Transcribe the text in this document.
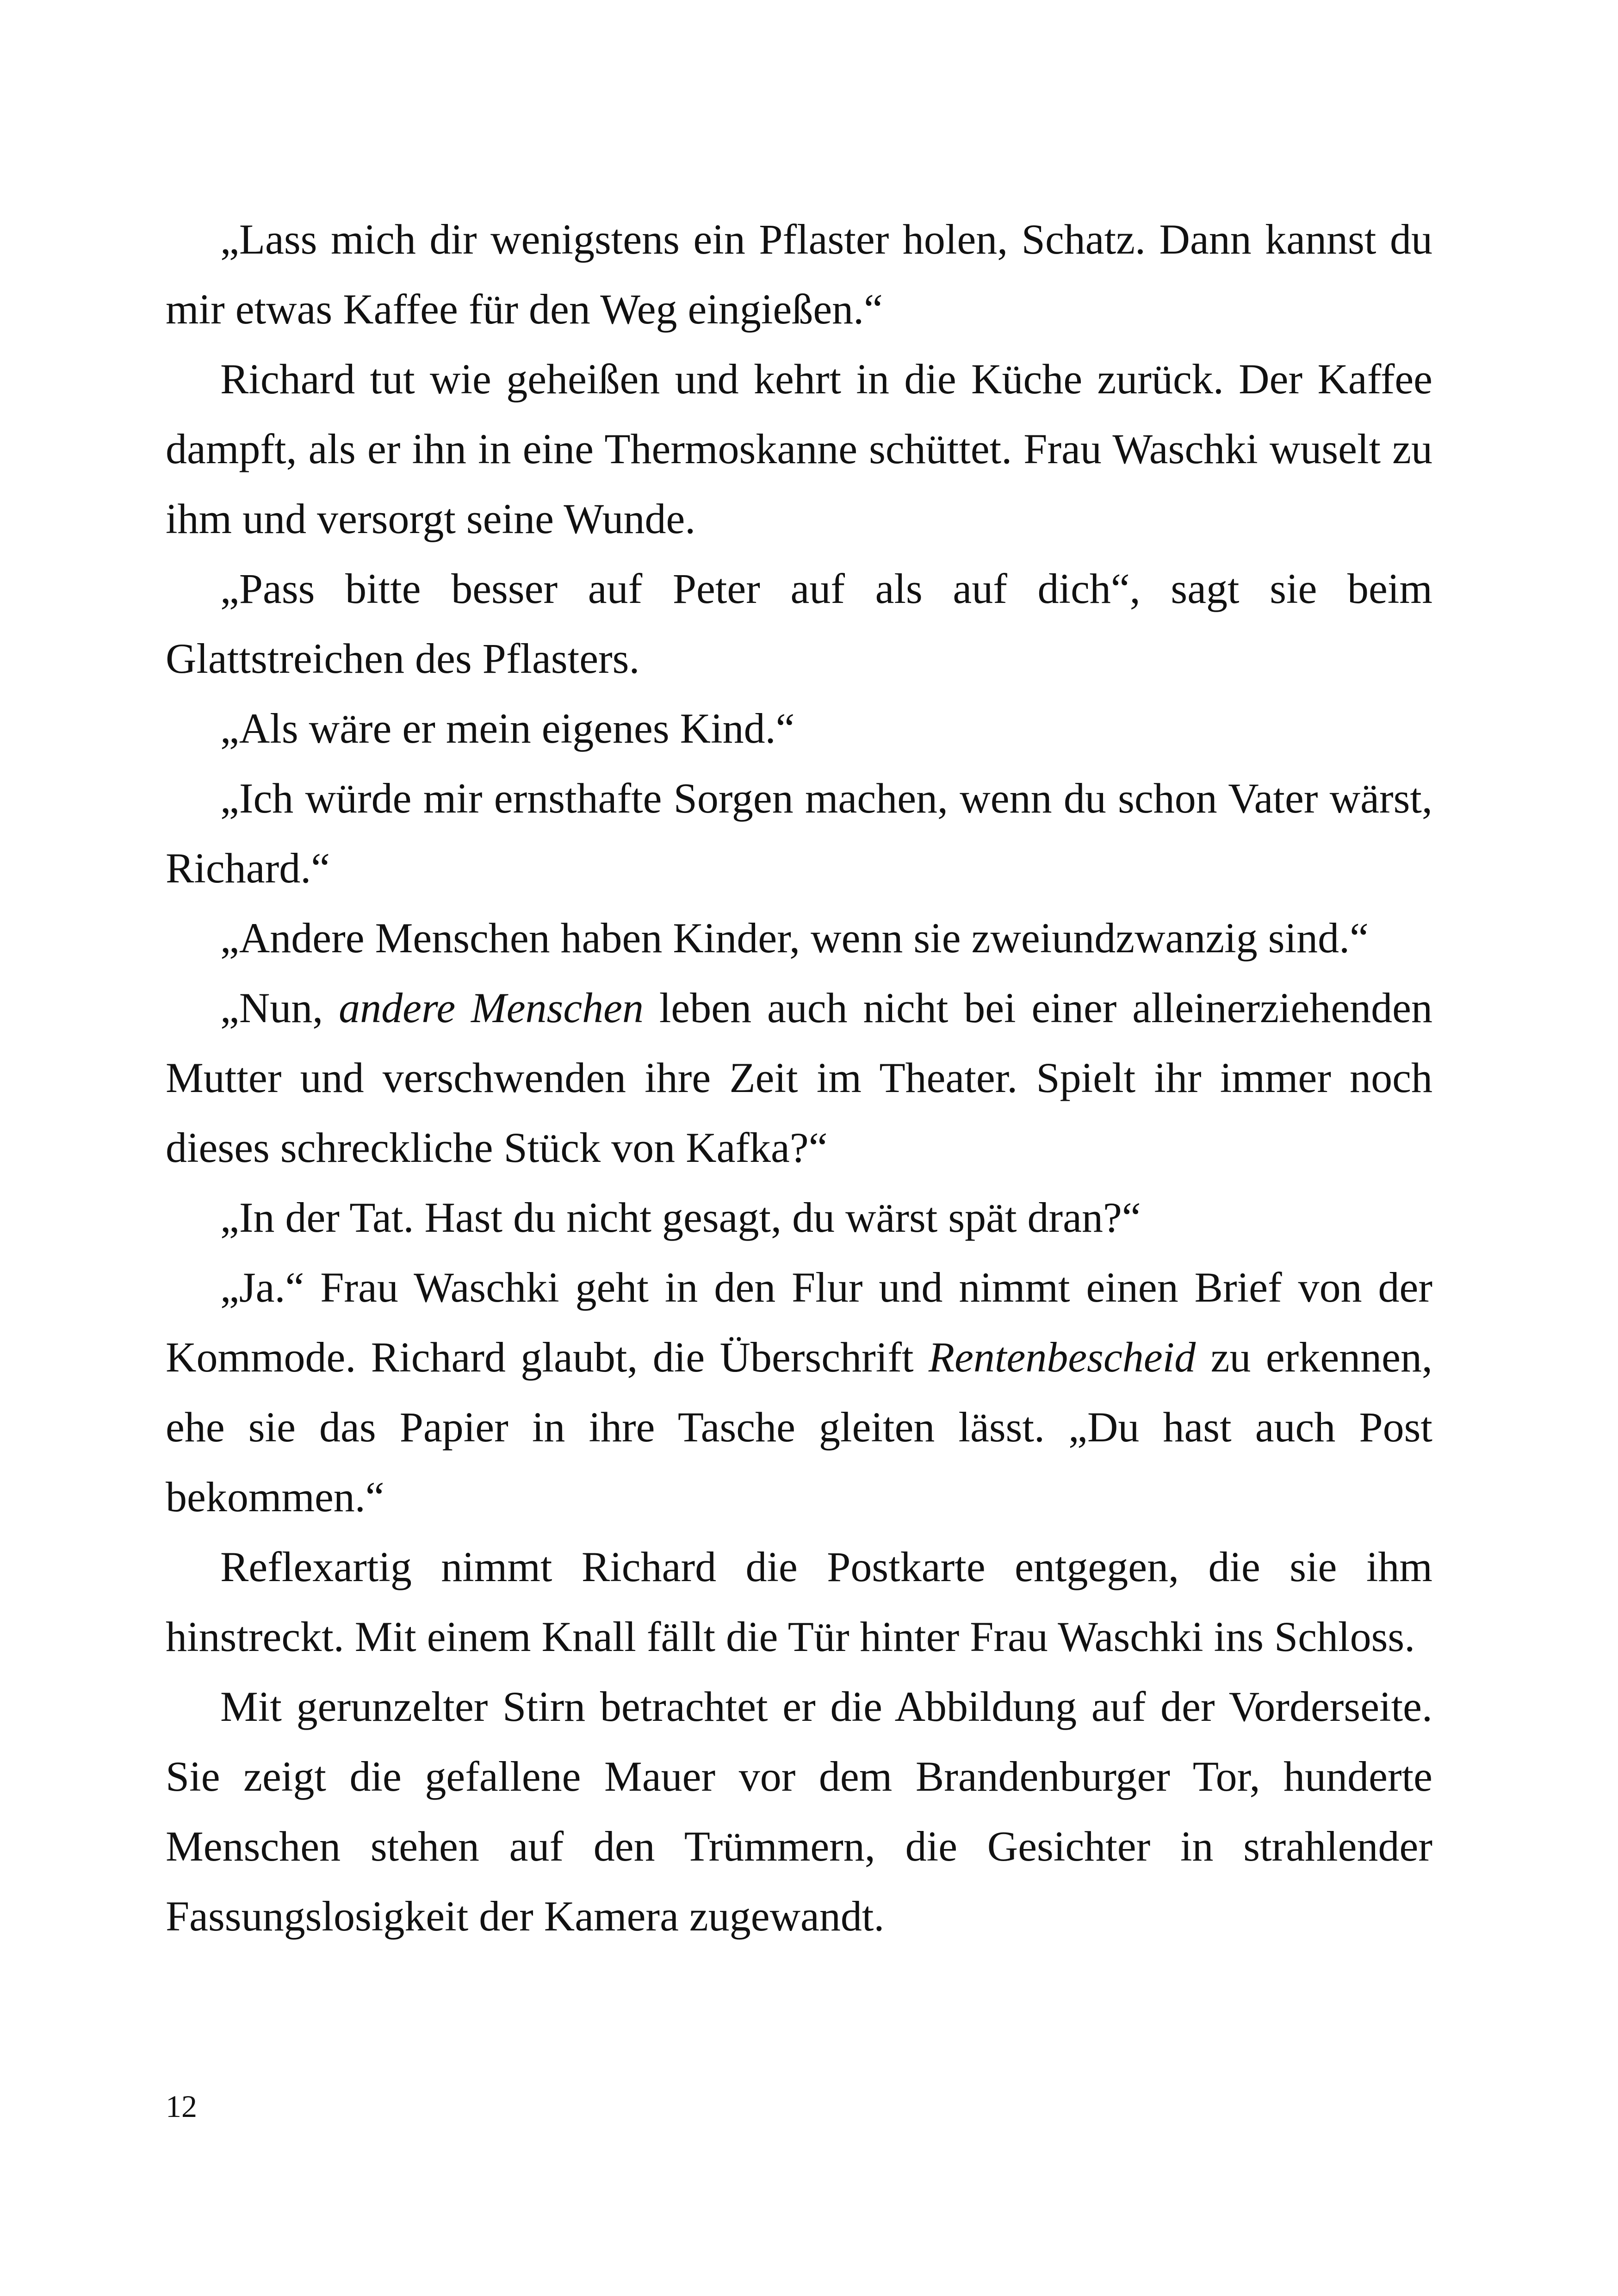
„Lass mich dir wenigstens ein Pflaster holen, Schatz. Dann kannst du mir etwas Kaffee für den Weg eingießen.“

Richard tut wie geheißen und kehrt in die Küche zurück. Der Kaffee dampft, als er ihn in eine Thermoskanne schüttet. Frau Waschki wuselt zu ihm und versorgt seine Wunde.

„Pass bitte besser auf Peter auf als auf dich“, sagt sie beim Glattstreichen des Pflasters.

„Als wäre er mein eigenes Kind.“

„Ich würde mir ernsthafte Sorgen machen, wenn du schon Vater wärst, Richard.“

„Andere Menschen haben Kinder, wenn sie zweiundzwanzig sind.“

„Nun, andere Menschen leben auch nicht bei einer alleinerziehenden Mutter und verschwenden ihre Zeit im Theater. Spielt ihr immer noch dieses schreckliche Stück von Kafka?“

„In der Tat. Hast du nicht gesagt, du wärst spät dran?“

„Ja.“ Frau Waschki geht in den Flur und nimmt einen Brief von der Kommode. Richard glaubt, die Überschrift Rentenbescheid zu erkennen, ehe sie das Papier in ihre Tasche gleiten lässt. „Du hast auch Post bekommen.“

Reflexartig nimmt Richard die Postkarte entgegen, die sie ihm hinstreckt. Mit einem Knall fällt die Tür hinter Frau Waschki ins Schloss.

Mit gerunzelter Stirn betrachtet er die Abbildung auf der Vorderseite. Sie zeigt die gefallene Mauer vor dem Brandenburger Tor, hunderte Menschen stehen auf den Trümmern, die Gesichter in strahlender Fassungslosigkeit der Kamera zugewandt.

12
